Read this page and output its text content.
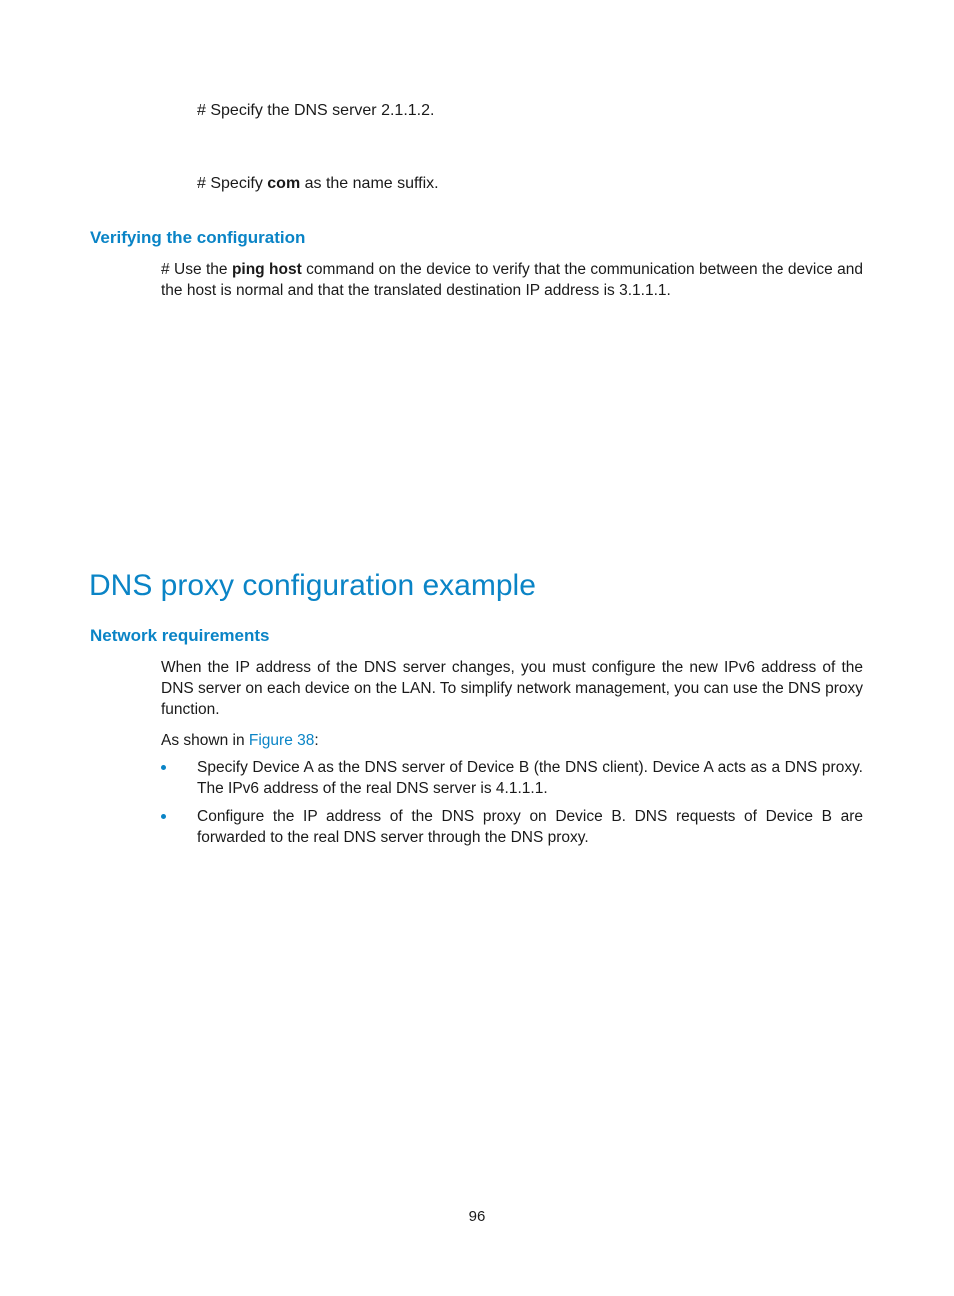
# Specify the DNS server 2.1.1.2.

# Specify com as the name suffix.

Verifying the configuration

# Use the ping host command on the device to verify that the communication between the device and the host is normal and that the translated destination IP address is 3.1.1.1.

DNS proxy configuration example
Network requirements

When the IP address of the DNS server changes, you must configure the new IPv6 address of the DNS server on each device on the LAN. To simplify network management, you can use the DNS proxy function.

As shown in Figure 38:

Specify Device A as the DNS server of Device B (the DNS client). Device A acts as a DNS proxy. The IPv6 address of the real DNS server is 4.1.1.1.
Configure the IP address of the DNS proxy on Device B. DNS requests of Device B are forwarded to the real DNS server through the DNS proxy.
96
